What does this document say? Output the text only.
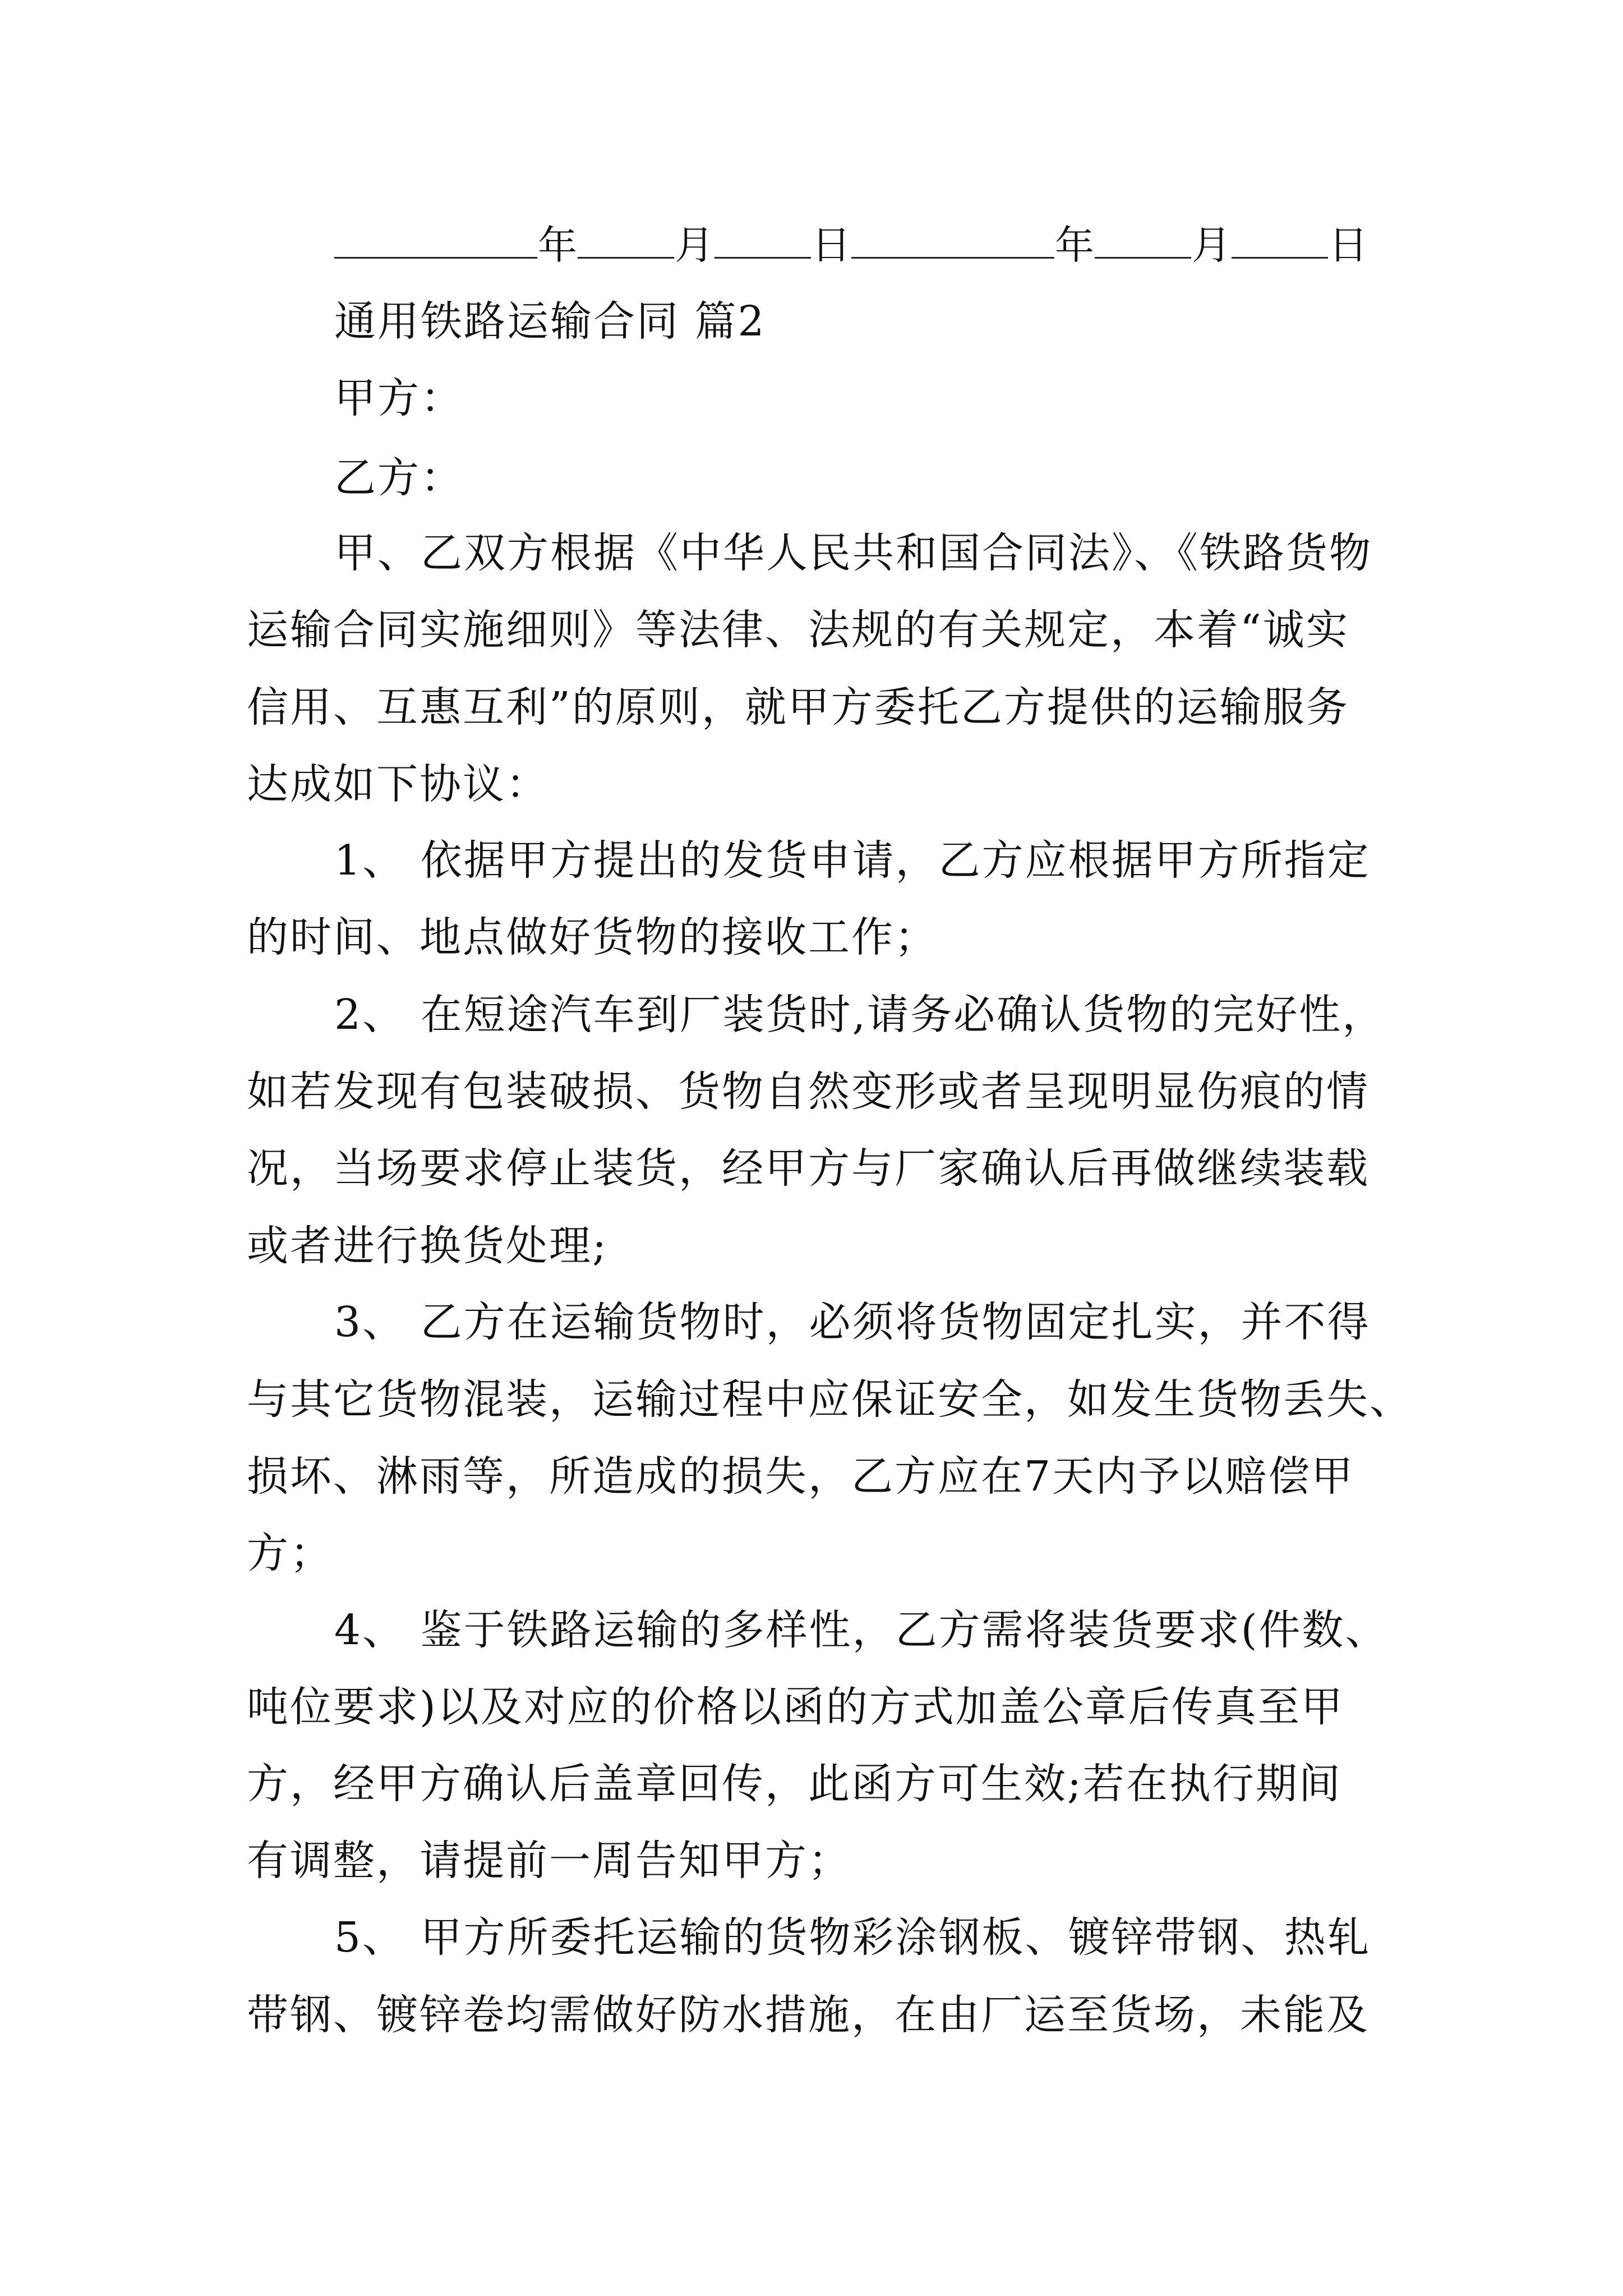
年 月 日	年 月 日
通用铁路运输合同 篇2
甲方：
乙方：
甲、乙双方根据《中华人民共和国合同法》、《铁路货物
运输合同实施细则》等法律、法规的有关规定，本着“诚实
信用、互惠互利”的原则，就甲方委托乙方提供的运输服务
达成如下协议：
1、 依据甲方提出的发货申请，乙方应根据甲方所指定
的时间、地点做好货物的接收工作；
2、 在短途汽车到厂装货时,请务必确认货物的完好性，
如若发现有包装破损、货物自然变形或者呈现明显伤痕的情
况，当场要求停止装货，经甲方与厂家确认后再做继续装载
或者进行换货处理;
3、 乙方在运输货物时，必须将货物固定扎实，并不得
与其它货物混装，运输过程中应保证安全，如发生货物丢失、
损坏、淋雨等，所造成的损失，乙方应在7天内予以赔偿甲
方；
4、 鉴于铁路运输的多样性，乙方需将装货要求(件数、
吨位要求)以及对应的价格以函的方式加盖公章后传真至甲
方，经甲方确认后盖章回传，此函方可生效;若在执行期间
有调整，请提前一周告知甲方；
5、 甲方所委托运输的货物彩涂钢板、镀锌带钢、热轧
带钢、镀锌卷均需做好防水措施，在由厂运至货场，未能及
